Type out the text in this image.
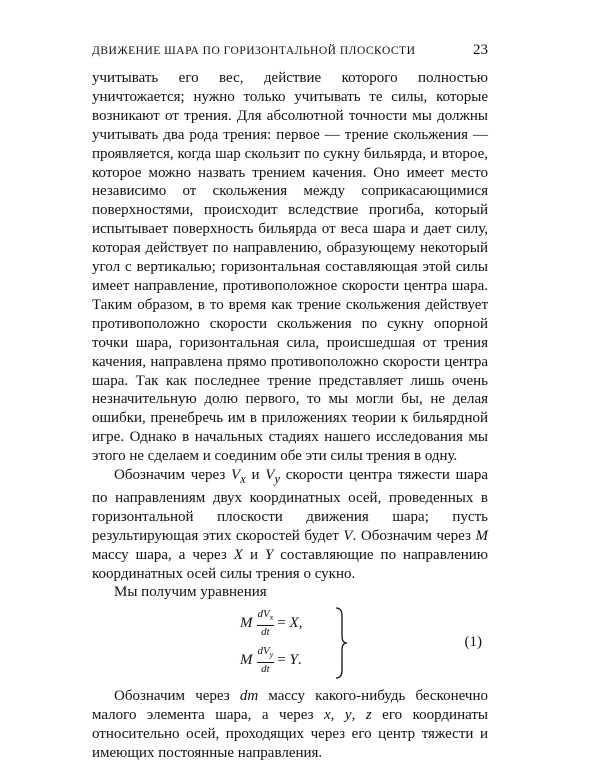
ДВИЖЕНИЕ ШАРА ПО ГОРИЗОНТАЛЬНОЙ ПЛОСКОСТИ	23

учитывать его вес, действие которого полностью уничтожается; нужно только учитывать те силы, которые возникают от трения. Для абсолютной точности мы должны учитывать два рода трения: первое — трение скольжения — проявляется, когда шар скользит по сукну бильярда, и второе, которое можно назвать трением качения. Оно имеет место независимо от скольжения между соприкасающимися поверхностями, происходит вследствие прогиба, который испытывает поверхность бильярда от веса шара и дает силу, которая действует по направлению, образующему некоторый угол с вертикалью; горизонтальная составляющая этой силы имеет направление, противоположное скорости центра шара. Таким образом, в то время как трение скольжения действует противоположно скорости скольжения по сукну опорной точки шара, горизонтальная сила, происшедшая от трения качения, направлена прямо противоположно скорости центра шара. Так как последнее трение представляет лишь очень незначительную долю первого, то мы могли бы, не делая ошибки, пренебречь им в приложениях теории к бильярдной игре. Однако в начальных стадиях нашего исследования мы этого не сделаем и соединим обе эти силы трения в одну.

Обозначим через $V_x$ и $V_y$ скорости центра тяжести шара по направлениям двух координатных осей, проведенных в горизонтальной плоскости движения шара; пусть результирующая этих скоростей будет V. Обозначим через M массу шара, а через X и Y составляющие по направлению координатных осей силы трения о сукно.

Мы получим уравнения

M $\frac{dV_x}{dt} = X$,
M $\frac{dV_y}{dt} = Y$.
(1)

Обозначим через dm массу какого-нибудь бесконечно малого элемента шара, а через x, y, z его координаты относительно осей, проходящих через его центр тяжести и имеющих постоянные направления.
